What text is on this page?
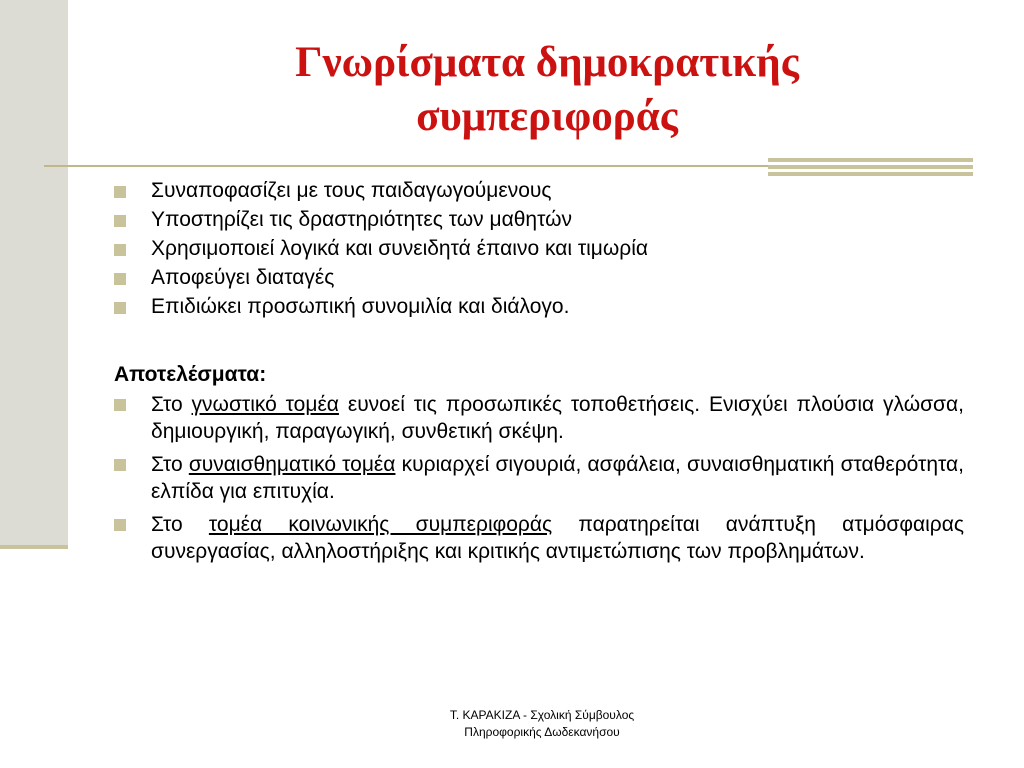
Γνωρίσματα δημοκρατικής
συμπεριφοράς
Συναποφασίζει με τους παιδαγωγούμενους
Υποστηρίζει τις δραστηριότητες των μαθητών
Χρησιμοποιεί λογικά και συνειδητά έπαινο και τιμωρία
Αποφεύγει διαταγές
Επιδιώκει προσωπική συνομιλία και διάλογο.
Αποτελέσματα:
Στο γνωστικό τομέα ευνοεί τις προσωπικές τοποθετήσεις. Ενισχύει πλούσια γλώσσα, δημιουργική, παραγωγική, συνθετική σκέψη.
Στο συναισθηματικό τομέα κυριαρχεί σιγουριά, ασφάλεια, συναισθηματική σταθερότητα, ελπίδα για επιτυχία.
Στο τομέα κοινωνικής συμπεριφοράς παρατηρείται ανάπτυξη ατμόσφαιρας συνεργασίας, αλληλοστήριξης και κριτικής αντιμετώπισης των προβλημάτων.
Τ. ΚΑΡΑΚΙΖΑ - Σχολική Σύμβουλος
Πληροφορικής Δωδεκανήσου
